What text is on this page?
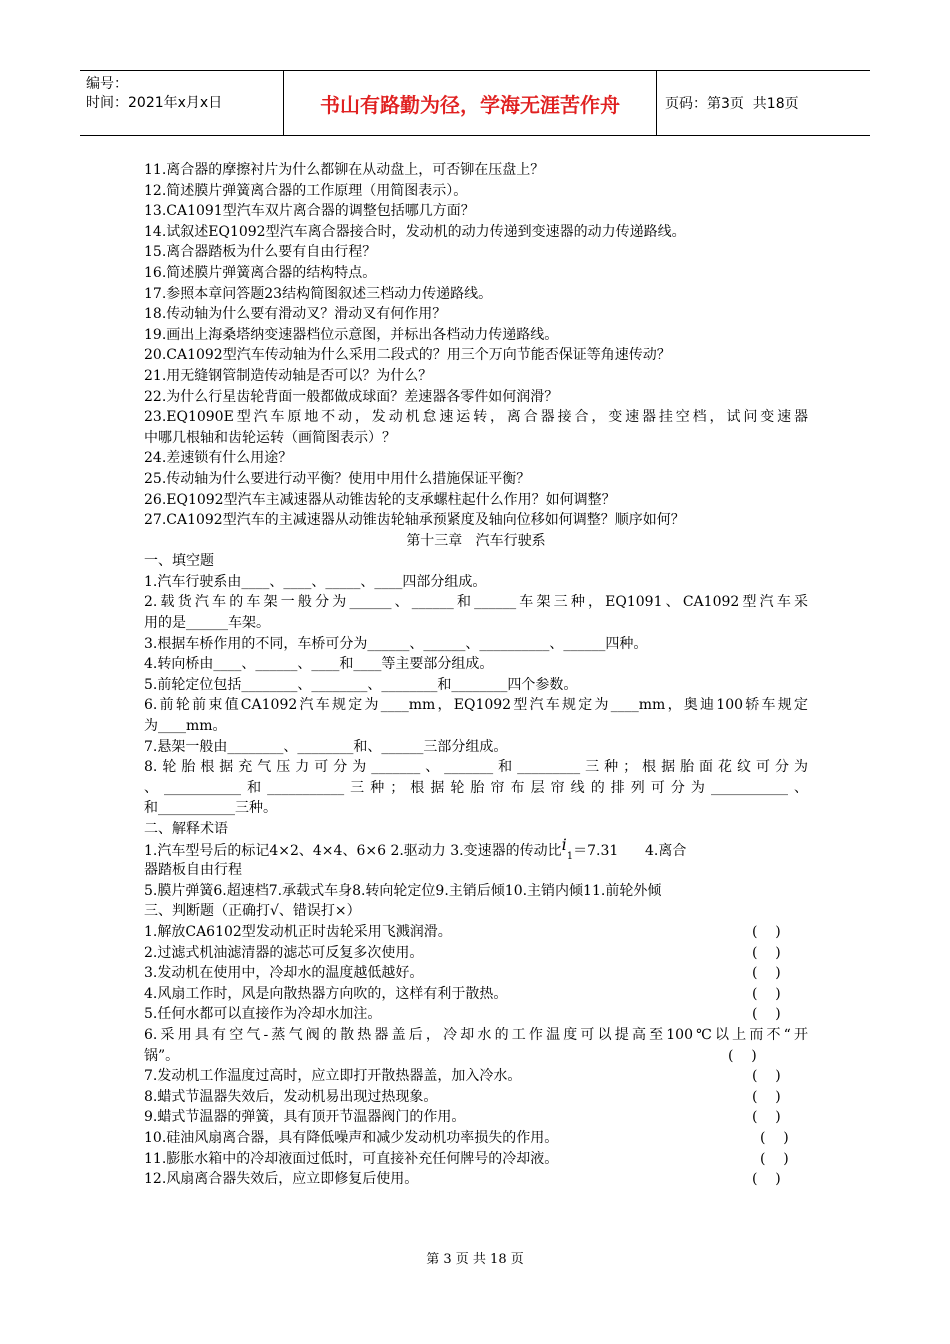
编号：
时间：2021年x月x日	书山有路勤为径，学海无涯苦作舟	页码：第3页  共18页
11.离合器的摩擦衬片为什么都铆在从动盘上，可否铆在压盘上？
12.简述膜片弹簧离合器的工作原理（用简图表示）。
13.CA1091型汽车双片离合器的调整包括哪几方面？
14.试叙述EQ1092型汽车离合器接合时，发动机的动力传递到变速器的动力传递路线。
15.离合器踏板为什么要有自由行程？
16.简述膜片弹簧离合器的结构特点。
17.参照本章问答题23结构简图叙述三档动力传递路线。
18.传动轴为什么要有滑动叉？滑动叉有何作用？
19.画出上海桑塔纳变速器档位示意图，并标出各档动力传递路线。
20.CA1092型汽车传动轴为什么采用二段式的？用三个万向节能否保证等角速传动？
21.用无缝钢管制造传动轴是否可以？为什么？
22.为什么行星齿轮背面一般都做成球面？差速器各零件如何润滑？
23.EQ1090E型汽车原地不动，发动机怠速运转，离合器接合，变速器挂空档，试问变速器
中哪几根轴和齿轮运转（画简图表示）？
24.差速锁有什么用途？
25.传动轴为什么要进行动平衡？使用中用什么措施保证平衡？
26.EQ1092型汽车主减速器从动锥齿轮的支承螺柱起什么作用？如何调整？
27.CA1092型汽车的主减速器从动锥齿轮轴承预紧度及轴向位移如何调整？顺序如何？
第十三章   汽车行驶系
一、填空题
1.汽车行驶系由____、____、_____、____四部分组成。
2.载货汽车的车架一般分为______、______和______车架三种，EQ1091、CA1092型汽车采
用的是______车架。
3.根据车桥作用的不同，车桥可分为______、______、__________、______四种。
4.转向桥由____、______、____和____等主要部分组成。
5.前轮定位包括________、________、________和________四个参数。
6.前轮前束值CA1092汽车规定为____mm，EQ1092型汽车规定为____mm，奥迪100轿车规定
为____mm。
7.悬架一般由________、________和、______三部分组成。
8.轮胎根据充气压力可分为_______、_______和_________三种；根据胎面花纹可分为
、___________和___________三种；根据轮胎帘布层帘线的排列可分为___________、
和___________三种。
二、解释术语
1.汽车型号后的标记4×2、4×4、6×6 2.驱动力 3.变速器的传动比$i_1=7.31$      4.离合
器踏板自由行程
5.膜片弹簧6.超速档7.承载式车身8.转向轮定位9.主销后倾10.主销内倾11.前轮外倾
三、判断题（正确打√、错误打×）
1.解放CA6102型发动机正时齿轮采用飞溅润滑。	(    )
2.过滤式机油滤清器的滤芯可反复多次使用。	(    )
3.发动机在使用中，冷却水的温度越低越好。	(    )
4.风扇工作时，风是向散热器方向吹的，这样有利于散热。	(    )
5.任何水都可以直接作为冷却水加注。	(    )
6.采用具有空气-蒸气阀的散热器盖后，冷却水的工作温度可以提高至100℃以上而不“开
锅”。	(    )
7.发动机工作温度过高时，应立即打开散热器盖，加入冷水。	(    )
8.蜡式节温器失效后，发动机易出现过热现象。	(    )
9.蜡式节温器的弹簧，具有顶开节温器阀门的作用。	(    )
10.硅油风扇离合器，具有降低噪声和减少发动机功率损失的作用。	(    )
11.膨胀水箱中的冷却液面过低时，可直接补充任何牌号的冷却液。	(    )
12.风扇离合器失效后，应立即修复后使用。	(    )
第 3 页 共 18 页
